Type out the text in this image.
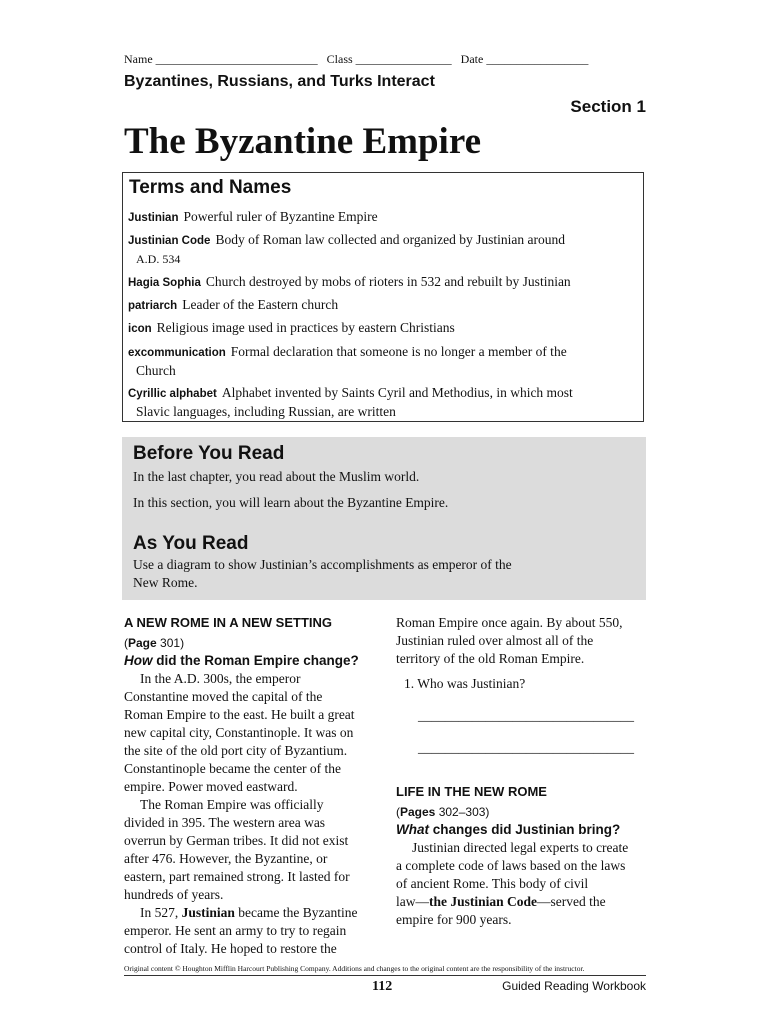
Name ___________________________ Class ________________ Date _________________
Byzantines, Russians, and Turks Interact
Section 1
The Byzantine Empire
Terms and Names
Justinian Powerful ruler of Byzantine Empire
Justinian Code Body of Roman law collected and organized by Justinian around
A.D. 534
Hagia Sophia Church destroyed by mobs of rioters in 532 and rebuilt by Justinian
patriarch Leader of the Eastern church
icon Religious image used in practices by eastern Christians
excommunication Formal declaration that someone is no longer a member of the
Church
Cyrillic alphabet Alphabet invented by Saints Cyril and Methodius, in which most
Slavic languages, including Russian, are written
Before You Read

In the last chapter, you read about the Muslim world.

In this section, you will learn about the Byzantine Empire.

As You Read

Use a diagram to show Justinian’s accomplishments as emperor of the

New Rome.

A NEW ROME IN A NEW SETTING
(Page 301)
How did the Roman Empire change?

In the A.D. 300s, the emperor

Constantine moved the capital of the

Roman Empire to the east. He built a great

new capital city, Constantinople. It was on

the site of the old port city of Byzantium.

Constantinople became the center of the

empire. Power moved eastward.

The Roman Empire was officially

divided in 395. The western area was

overrun by German tribes. It did not exist

after 476. However, the Byzantine, or

eastern, part remained strong. It lasted for

hundreds of years.

In 527, Justinian became the Byzantine

emperor. He sent an army to try to regain

control of Italy. He hoped to restore the

Roman Empire once again. By about 550,

Justinian ruled over almost all of the

territory of the old Roman Empire.

1. Who was Justinian?

________________________________

________________________________

LIFE IN THE NEW ROME
(Pages 302–303)
What changes did Justinian bring?

Justinian directed legal experts to create

a complete code of laws based on the laws

of ancient Rome. This body of civil

law—the Justinian Code—served the

empire for 900 years.

Original content © Houghton Mifflin Harcourt Publishing Company. Additions and changes to the original content are the responsibility of the instructor.
112	Guided Reading Workbook
